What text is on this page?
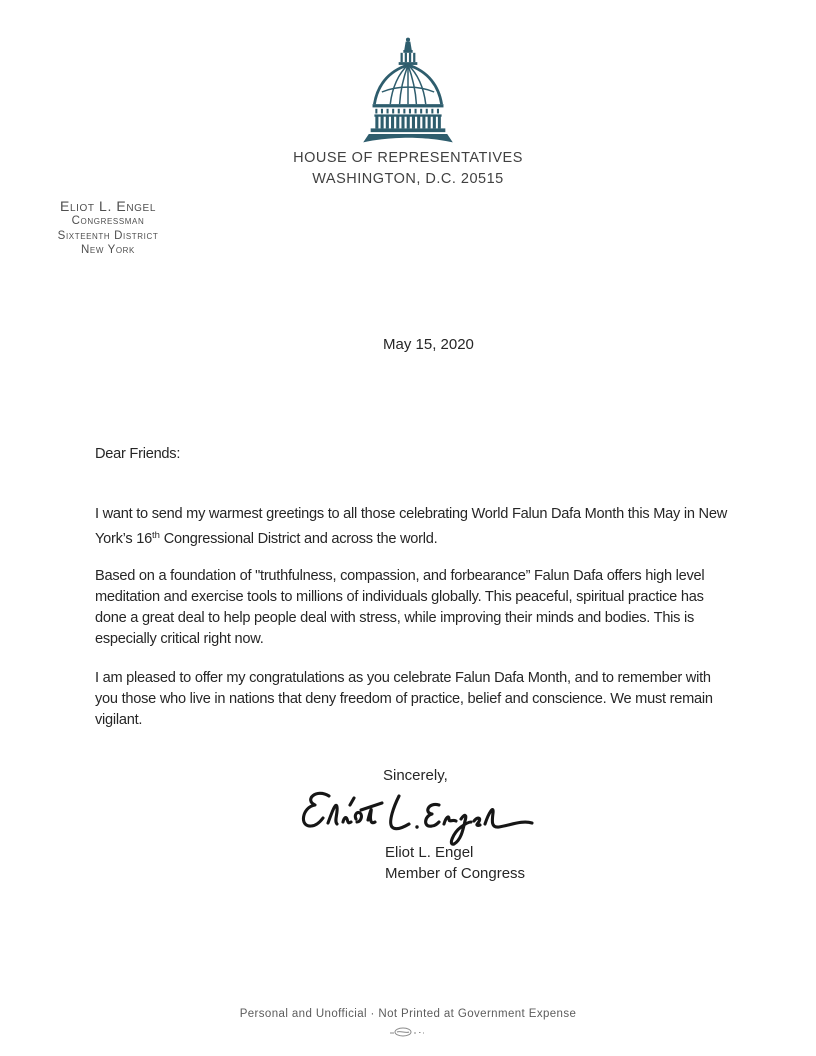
HOUSE OF REPRESENTATIVES
WASHINGTON, D.C. 20515
Eliot L. Engel
Congressman
Sixteenth District
New York
May 15, 2020

Dear Friends:

I want to send my warmest greetings to all those celebrating World Falun Dafa Month this May in New York’s 16th Congressional District and across the world.

Based on a foundation of "truthfulness, compassion, and forbearance” Falun Dafa offers high level meditation and exercise tools to millions of individuals globally. This peaceful, spiritual practice has done a great deal to help people deal with stress, while improving their minds and bodies. This is especially critical right now.

I am pleased to offer my congratulations as you celebrate Falun Dafa Month, and to remember with you those who live in nations that deny freedom of practice, belief and conscience. We must remain vigilant.

Sincerely,
Eliot L. Engel
Member of Congress
Personal and Unofficial · Not Printed at Government Expense
